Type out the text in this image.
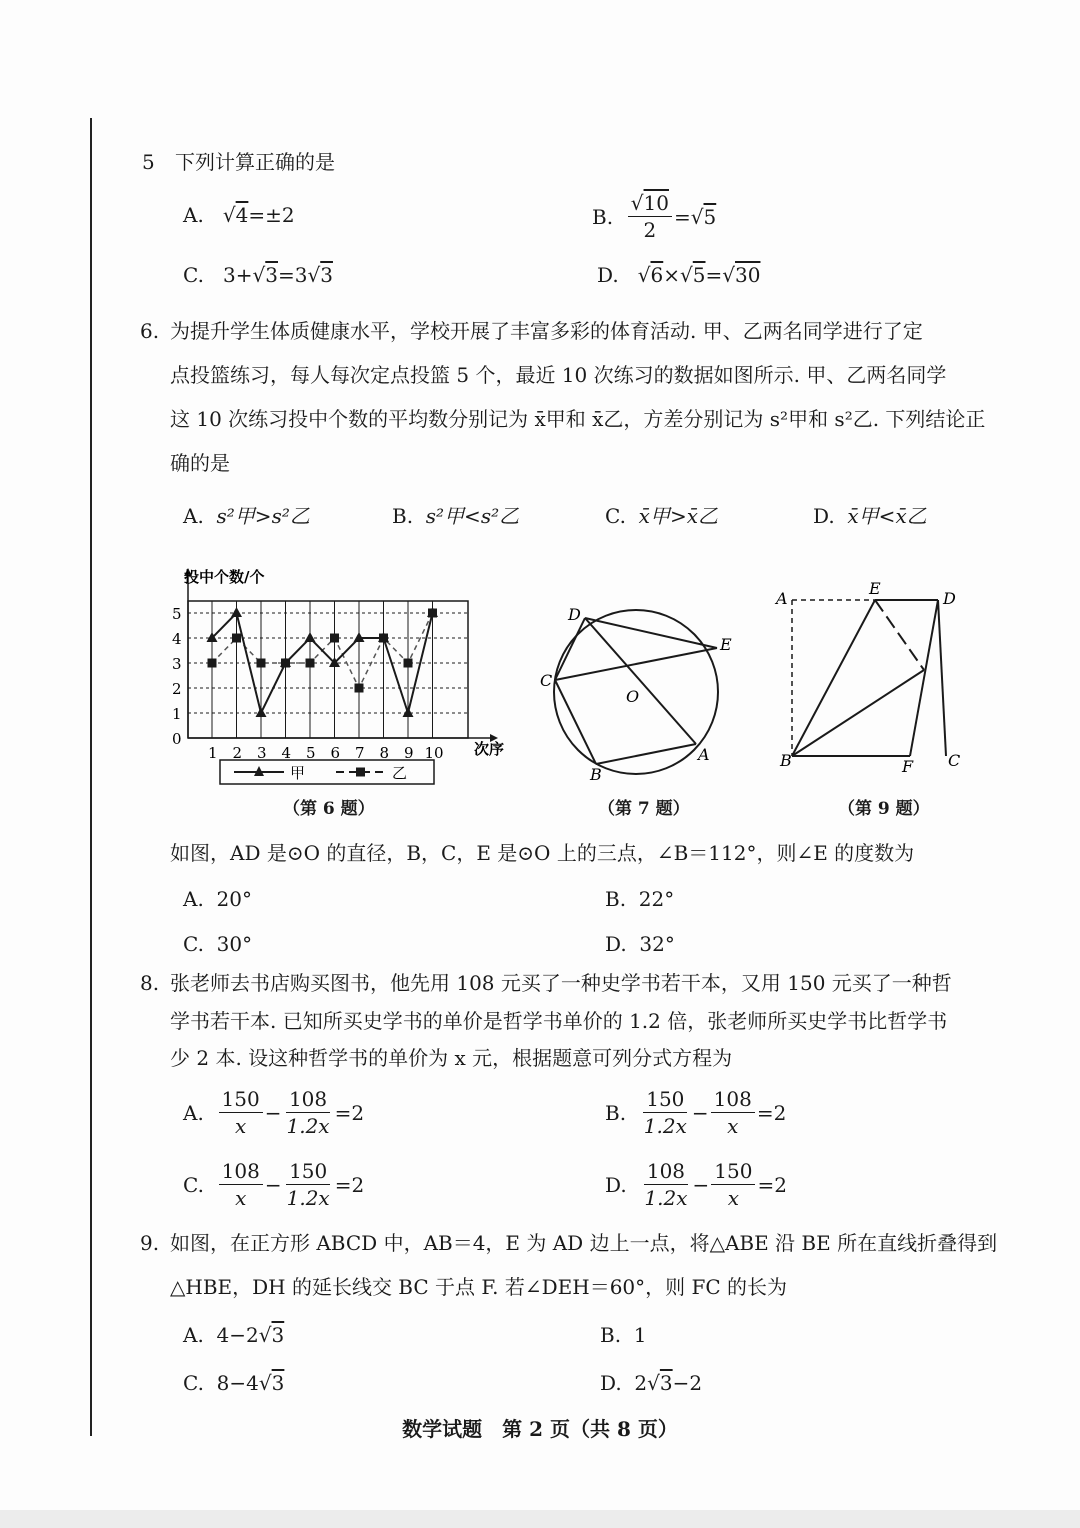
5 下列计算正确的是
A. √4=±2	B.
$\frac{√10}{2} =√5$
C. 3+√3=3√3	D.   √6×√5=√30
6. 为提升学生体质健康水平，学校开展了丰富多彩的体育活动. 甲、乙两名同学进行了定
点投篮练习，每人每次定点投篮 5 个，最近 10 次练习的数据如图所示. 甲、乙两名同学
这 10 次练习投中个数的平均数分别记为 x̄甲和 x̄乙，方差分别记为 s²甲和 s²乙. 下列结论正
确的是
A. s²甲>s²乙	B. s²甲<s²乙	C. x̄甲>x̄乙	D. x̄甲<x̄乙
0
1
2
3
4
5
1 2 3 4 5 6 7 8 9 10
投中个数/个
次序
甲	乙
（第 6 题）
D
E
C
O
B
A
（第 7 题）
A
E
D
B	F C
（第 9 题）
如图，AD 是⊙O 的直径，B，C，E 是⊙O 上的三点，∠B＝112°，则∠E 的度数为
A. 20°	B. 22°
C. 30°	D. 32°
8. 张老师去书店购买图书，他先用 108 元买了一种史学书若干本，又用 150 元买了一种哲
学书若干本. 已知所买史学书的单价是哲学书单价的 1.2 倍，张老师所买史学书比哲学书
少 2 本. 设这种哲学书的单价为 x 元，根据题意可列分式方程为
A.
$\frac{150}{x} - \frac{108}{1.2x} =2$	B.
$\frac{150}{1.2x} - \frac{108}{x} =2$
C.
$\frac{108}{x} - \frac{150}{1.2x} =2$	D.
$\frac{108}{1.2x} - \frac{150}{x} =2$
9. 如图，在正方形 ABCD 中，AB＝4，E 为 AD 边上一点，将△ABE 沿 BE 所在直线折叠得到
△HBE，DH 的延长线交 BC 于点 F. 若∠DEH＝60°，则 FC 的长为
A. 4−2√3	B. 1
C. 8−4√3	D. 2√3−2
数学试题　第 2 页（共 8 页）
